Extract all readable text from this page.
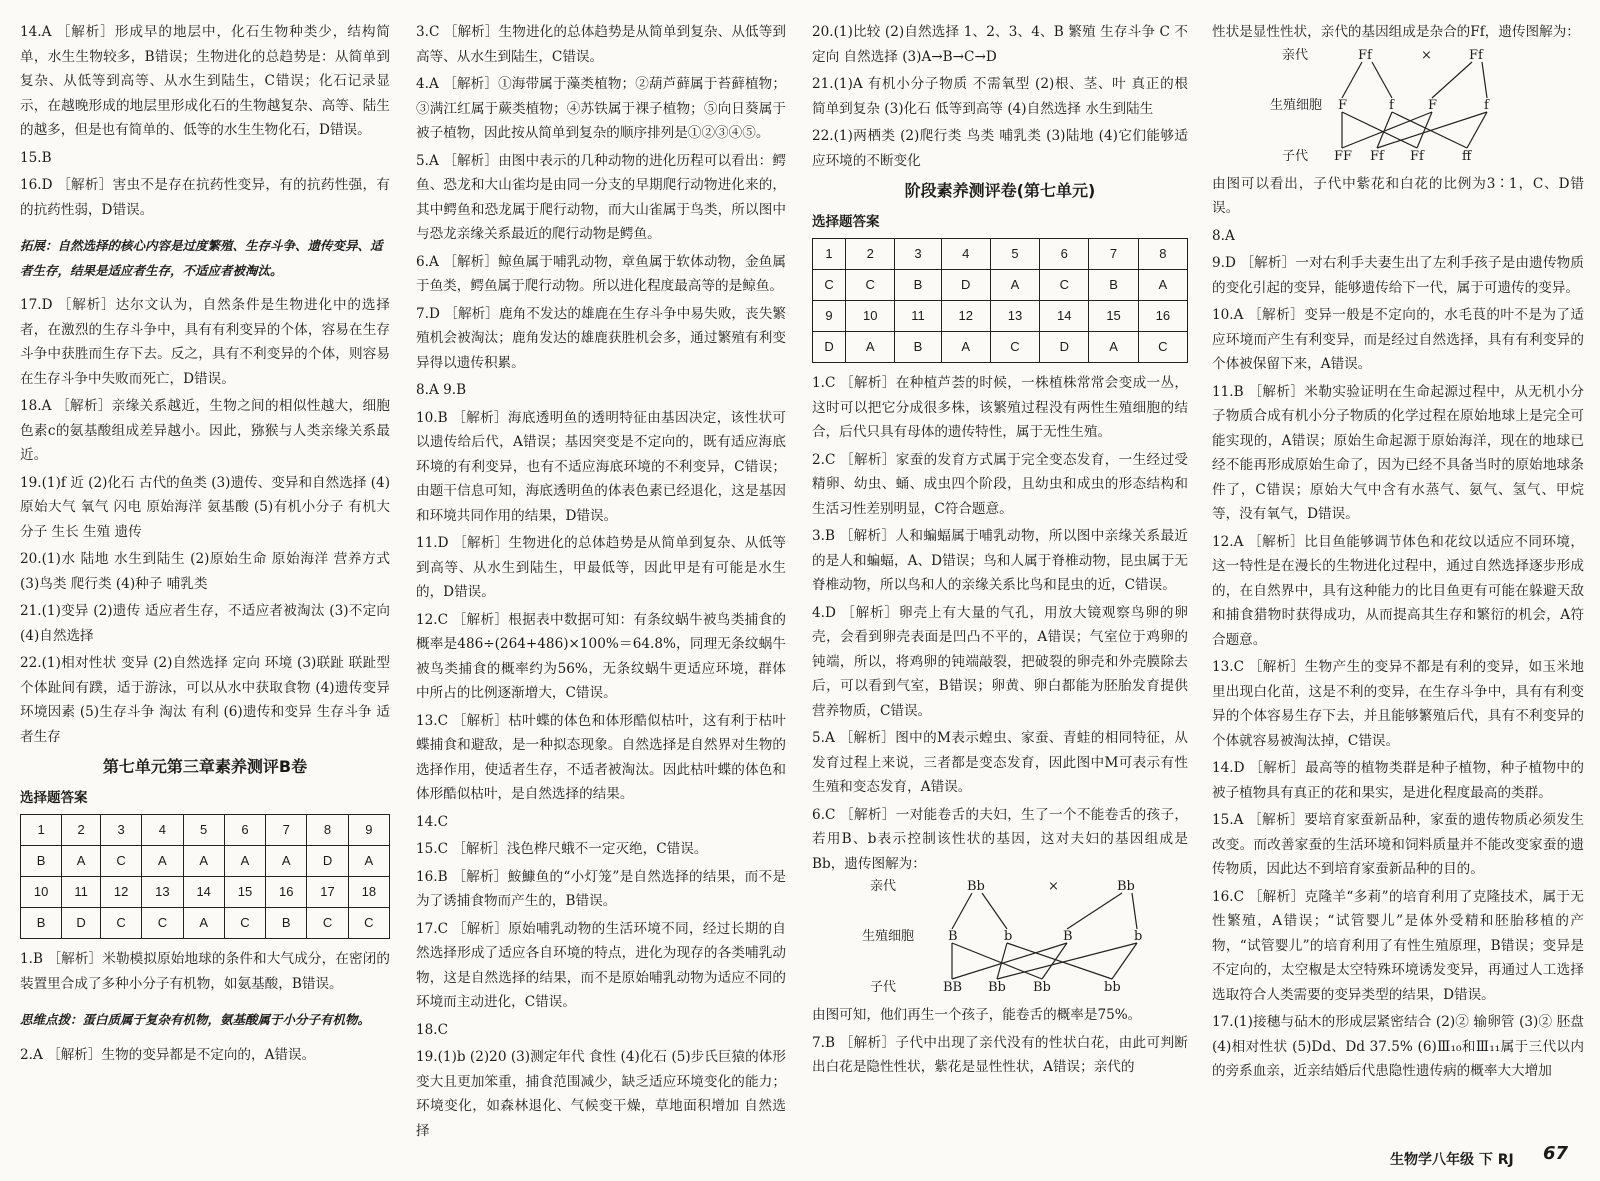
14.A ［解析］形成早的地层中，化石生物种类少，结构简单，水生生物较多，B错误；生物进化的总趋势是：从简单到复杂、从低等到高等、从水生到陆生，C错误；化石记录显示，在越晚形成的地层里形成化石的生物越复杂、高等、陆生的越多，但是也有简单的、低等的水生生物化石，D错误。

15.B

16.D ［解析］害虫不是存在抗药性变异，有的抗药性强，有的抗药性弱，D错误。

拓展：自然选择的核心内容是过度繁殖、生存斗争、遗传变异、适者生存，结果是适应者生存，不适应者被淘汰。

17.D ［解析］达尔文认为，自然条件是生物进化中的选择者，在激烈的生存斗争中，具有有利变异的个体，容易在生存斗争中获胜而生存下去。反之，具有不利变异的个体，则容易在生存斗争中失败而死亡，D错误。

18.A ［解析］亲缘关系越近，生物之间的相似性越大，细胞色素c的氨基酸组成差异越小。因此，猕猴与人类亲缘关系最近。

19.(1)f 近 (2)化石 古代的鱼类 (3)遗传、变异和自然选择 (4)原始大气 氧气 闪电 原始海洋 氨基酸 (5)有机小分子 有机大分子 生长 生殖 遗传

20.(1)水 陆地 水生到陆生 (2)原始生命 原始海洋 营养方式 (3)鸟类 爬行类 (4)种子 哺乳类

21.(1)变异 (2)遗传 适应者生存，不适应者被淘汰 (3)不定向 (4)自然选择

22.(1)相对性状 变异 (2)自然选择 定向 环境 (3)联趾 联趾型个体趾间有蹼，适于游泳，可以从水中获取食物 (4)遗传变异 环境因素 (5)生存斗争 淘汰 有利 (6)遗传和变异 生存斗争 适者生存

第七单元第三章素养测评B卷
选择题答案
1	2	3	4	5	6	7	8	9
B	A	C	A	A	A	A	D	A
10	11	12	13	14	15	16	17	18
B	D	C	C	A	C	B	C	C

1.B ［解析］米勒模拟原始地球的条件和大气成分，在密闭的装置里合成了多种小分子有机物，如氨基酸，B错误。

思维点拨：蛋白质属于复杂有机物，氨基酸属于小分子有机物。

2.A ［解析］生物的变异都是不定向的，A错误。

3.C ［解析］生物进化的总体趋势是从简单到复杂、从低等到高等、从水生到陆生，C错误。

4.A ［解析］①海带属于藻类植物；②葫芦藓属于苔藓植物；③满江红属于蕨类植物；④苏铁属于裸子植物；⑤向日葵属于被子植物，因此按从简单到复杂的顺序排列是①②③④⑤。

5.A ［解析］由图中表示的几种动物的进化历程可以看出：鳄鱼、恐龙和大山雀均是由同一分支的早期爬行动物进化来的，其中鳄鱼和恐龙属于爬行动物，而大山雀属于鸟类，所以图中与恐龙亲缘关系最近的爬行动物是鳄鱼。

6.A ［解析］鲸鱼属于哺乳动物，章鱼属于软体动物，金鱼属于鱼类，鳄鱼属于爬行动物。所以进化程度最高等的是鲸鱼。

7.D ［解析］鹿角不发达的雄鹿在生存斗争中易失败，丧失繁殖机会被淘汰；鹿角发达的雄鹿获胜机会多，通过繁殖有利变异得以遗传积累。

8.A 9.B

10.B ［解析］海底透明鱼的透明特征由基因决定，该性状可以遗传给后代，A错误；基因突变是不定向的，既有适应海底环境的有利变异，也有不适应海底环境的不利变异，C错误；由题干信息可知，海底透明鱼的体表色素已经退化，这是基因和环境共同作用的结果，D错误。

11.D ［解析］生物进化的总体趋势是从简单到复杂、从低等到高等、从水生到陆生，甲最低等，因此甲是有可能是水生的，D错误。

12.C ［解析］根据表中数据可知：有条纹蜗牛被鸟类捕食的概率是486÷(264+486)×100%＝64.8%，同理无条纹蜗牛被鸟类捕食的概率约为56%，无条纹蜗牛更适应环境，群体中所占的比例逐渐增大，C错误。

13.C ［解析］枯叶蝶的体色和体形酷似枯叶，这有利于枯叶蝶捕食和避敌，是一种拟态现象。自然选择是自然界对生物的选择作用，使适者生存，不适者被淘汰。因此枯叶蝶的体色和体形酷似枯叶，是自然选择的结果。

14.C

15.C ［解析］浅色桦尺蛾不一定灭绝，C错误。

16.B ［解析］鮟鱇鱼的“小灯笼”是自然选择的结果，而不是为了诱捕食物而产生的，B错误。

17.C ［解析］原始哺乳动物的生活环境不同，经过长期的自然选择形成了适应各自环境的特点，进化为现存的各类哺乳动物，这是自然选择的结果，而不是原始哺乳动物为适应不同的环境而主动进化，C错误。

18.C

19.(1)b (2)20 (3)测定年代 食性 (4)化石 (5)步氏巨猿的体形变大且更加笨重，捕食范围减少，缺乏适应环境变化的能力；环境变化，如森林退化、气候变干燥，草地面积增加 自然选择

20.(1)比较 (2)自然选择 1、2、3、4、B 繁殖 生存斗争 C 不定向 自然选择 (3)A→B→C→D

21.(1)A 有机小分子物质 不需氧型 (2)根、茎、叶 真正的根 简单到复杂 (3)化石 低等到高等 (4)自然选择 水生到陆生

22.(1)两栖类 (2)爬行类 鸟类 哺乳类 (3)陆地 (4)它们能够适应环境的不断变化

阶段素养测评卷(第七单元)
选择题答案
1	2	3	4	5	6	7	8
C	C	B	D	A	C	B	A
9	10	11	12	13	14	15	16
D	A	B	A	C	D	A	C

1.C ［解析］在种植芦荟的时候，一株植株常常会变成一丛，这时可以把它分成很多株，该繁殖过程没有两性生殖细胞的结合，后代只具有母体的遗传特性，属于无性生殖。

2.C ［解析］家蚕的发育方式属于完全变态发育，一生经过受精卵、幼虫、蛹、成虫四个阶段，且幼虫和成虫的形态结构和生活习性差别明显，C符合题意。

3.B ［解析］人和蝙蝠属于哺乳动物，所以图中亲缘关系最近的是人和蝙蝠，A、D错误；鸟和人属于脊椎动物，昆虫属于无脊椎动物，所以鸟和人的亲缘关系比鸟和昆虫的近，C错误。

4.D ［解析］卵壳上有大量的气孔，用放大镜观察鸟卵的卵壳，会看到卵壳表面是凹凸不平的，A错误；气室位于鸡卵的钝端，所以，将鸡卵的钝端敲裂，把破裂的卵壳和外壳膜除去后，可以看到气室，B错误；卵黄、卵白都能为胚胎发育提供营养物质，C错误。

5.A ［解析］图中的M表示蝗虫、家蚕、青蛙的相同特征，从发育过程上来说，三者都是变态发育，因此图中M可表示有性生殖和变态发育，A错误。

6.C ［解析］一对能卷舌的夫妇，生了一个不能卷舌的孩子，若用B、b表示控制该性状的基因，这对夫妇的基因组成是Bb，遗传图解为：

亲代	Bb	×	Bb
生殖细胞	B	b	B	b
子代	BB Bb Bb	bb

由图可知，他们再生一个孩子，能卷舌的概率是75%。

7.B ［解析］子代中出现了亲代没有的性状白花，由此可判断出白花是隐性性状，紫花是显性性状，A错误；亲代的

性状是显性性状，亲代的基因组成是杂合的Ff，遗传图解为：

亲代	Ff	×	Ff
生殖细胞 F	f	F	f
子代 FF Ff Ff	ff

由图可以看出，子代中紫花和白花的比例为3∶1，C、D错误。

8.A

9.D ［解析］一对右利手夫妻生出了左利手孩子是由遗传物质的变化引起的变异，能够遗传给下一代，属于可遗传的变异。

10.A ［解析］变异一般是不定向的，水毛茛的叶不是为了适应环境而产生有利变异，而是经过自然选择，具有有利变异的个体被保留下来，A错误。

11.B ［解析］米勒实验证明在生命起源过程中，从无机小分子物质合成有机小分子物质的化学过程在原始地球上是完全可能实现的，A错误；原始生命起源于原始海洋，现在的地球已经不能再形成原始生命了，因为已经不具备当时的原始地球条件了，C错误；原始大气中含有水蒸气、氨气、氢气、甲烷等，没有氧气，D错误。

12.A ［解析］比目鱼能够调节体色和花纹以适应不同环境，这一特性是在漫长的生物进化过程中，通过自然选择逐步形成的，在自然界中，具有这种能力的比目鱼更有可能在躲避天敌和捕食猎物时获得成功，从而提高其生存和繁衍的机会，A符合题意。

13.C ［解析］生物产生的变异不都是有利的变异，如玉米地里出现白化苗，这是不利的变异，在生存斗争中，具有有利变异的个体容易生存下去，并且能够繁殖后代，具有不利变异的个体就容易被淘汰掉，C错误。

14.D ［解析］最高等的植物类群是种子植物，种子植物中的被子植物具有真正的花和果实，是进化程度最高的类群。

15.A ［解析］要培育家蚕新品种，家蚕的遗传物质必须发生改变。而改善家蚕的生活环境和饲料质量并不能改变家蚕的遗传物质，因此达不到培育家蚕新品种的目的。

16.C ［解析］克隆羊“多莉”的培育利用了克隆技术，属于无性繁殖，A错误；“试管婴儿”是体外受精和胚胎移植的产物，“试管婴儿”的培育利用了有性生殖原理，B错误；变异是不定向的，太空椒是太空特殊环境诱发变异，再通过人工选择选取符合人类需要的变异类型的结果，D错误。

17.(1)接穗与砧木的形成层紧密结合 (2)② 输卵管 (3)② 胚盘 (4)相对性状 (5)Dd、Dd 37.5% (6)Ⅲ₁₀和Ⅲ₁₁属于三代以内的旁系血亲，近亲结婚后代患隐性遗传病的概率大大增加

生物学八年级 下 RJ 67
